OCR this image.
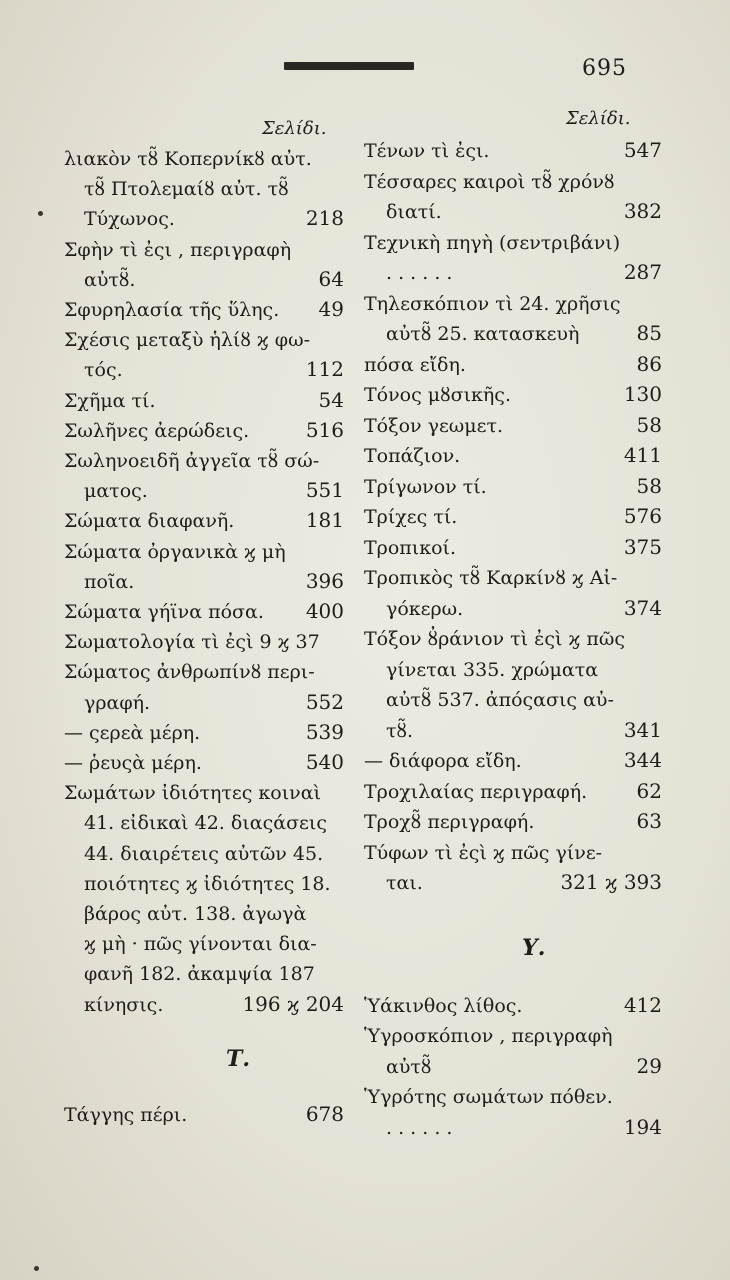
695
Σελίδι.
λιακὸν τȣ̃ Κοπερνίκȣ αὐτ.
τȣ̃ Πτολεμαίȣ αὐτ. τȣ̃
Τύχωνος.	218
Σφὴν τὶ ἐςι , περιγραφὴ
αὐτȣ̃.	64
Σφυρηλασία τῆς ὕλης. 49
Σχέσις μεταξὺ ἡλίȣ ϗ φω-
τός.	112
Σχῆμα τί.	54
Σωλῆνες ἀερώδεις.	516
Σωληνοειδῆ ἀγγεῖα τȣ̃ σώ-
ματος.	551
Σώματα διαφανῆ.	181
Σώματα ὀργανικὰ ϗ μὴ
ποῖα.	396
Σώματα γήϊνα πόσα. 400
Σωματολογία τὶ ἐςὶ 9 ϗ 37
Σώματος ἀνθρωπίνȣ περι-
γραφή.	552
— ςερεὰ μέρη.	539
— ῥευςὰ μέρη.	540
Σωμάτων ἰδιότητες κοιναὶ
41. εἰδικαὶ 42. διαςάσεις
44. διαιρέτεις αὐτῶν 45.
ποιότητες ϗ ἰδιότητες 18.
βάρος αὐτ. 138. ἀγωγὰ
ϗ μὴ · πῶς γίνονται δια-
φανῆ 182. ἀκαμψία 187
κίνησις.	196 ϗ 204
Τ.
Τάγγης πέρι.	678
Σελίδι.
Τένων τὶ ἐςι.	547
Τέσσαρες καιροὶ τȣ̃ χρόνȣ
διατί.	382
Τεχνικὴ πηγὴ (σεντριβάνι)
. . . . . .	287
Τηλεσκόπιον τὶ 24. χρῆσις
αὐτȣ̃ 25. κατασκευὴ	85
πόσα εἴδη.	86
Τόνος μȣσικῆς.	130
Τόξον γεωμετ.	58
Τοπάζιον.	411
Τρίγωνον τί.	58
Τρίχες τί.	576
Τροπικοί.	375
Τροπικὸς τȣ̃ Καρκίνȣ ϗ Αἰ-
γόκερω.	374
Τόξον ȣ̓ράνιον τὶ ἐςὶ ϗ πῶς
γίνεται 335. χρώματα
αὐτȣ̃ 537. ἀπόςασις αὐ-
τȣ̃.	341
— διάφορα εἴδη.	344
Τροχιλαίας περιγραφή. 62
Τροχȣ̃ περιγραφή.	63
Τύφων τὶ ἐςὶ ϗ πῶς γίνε-
ται.	321 ϗ 393
Υ.
Ὑάκινθος λίθος.	412
Ὑγροσκόπιον , περιγραφὴ
αὐτȣ̃	29
Ὑγρότης σωμάτων πόθεν.
. . . . . .	194
